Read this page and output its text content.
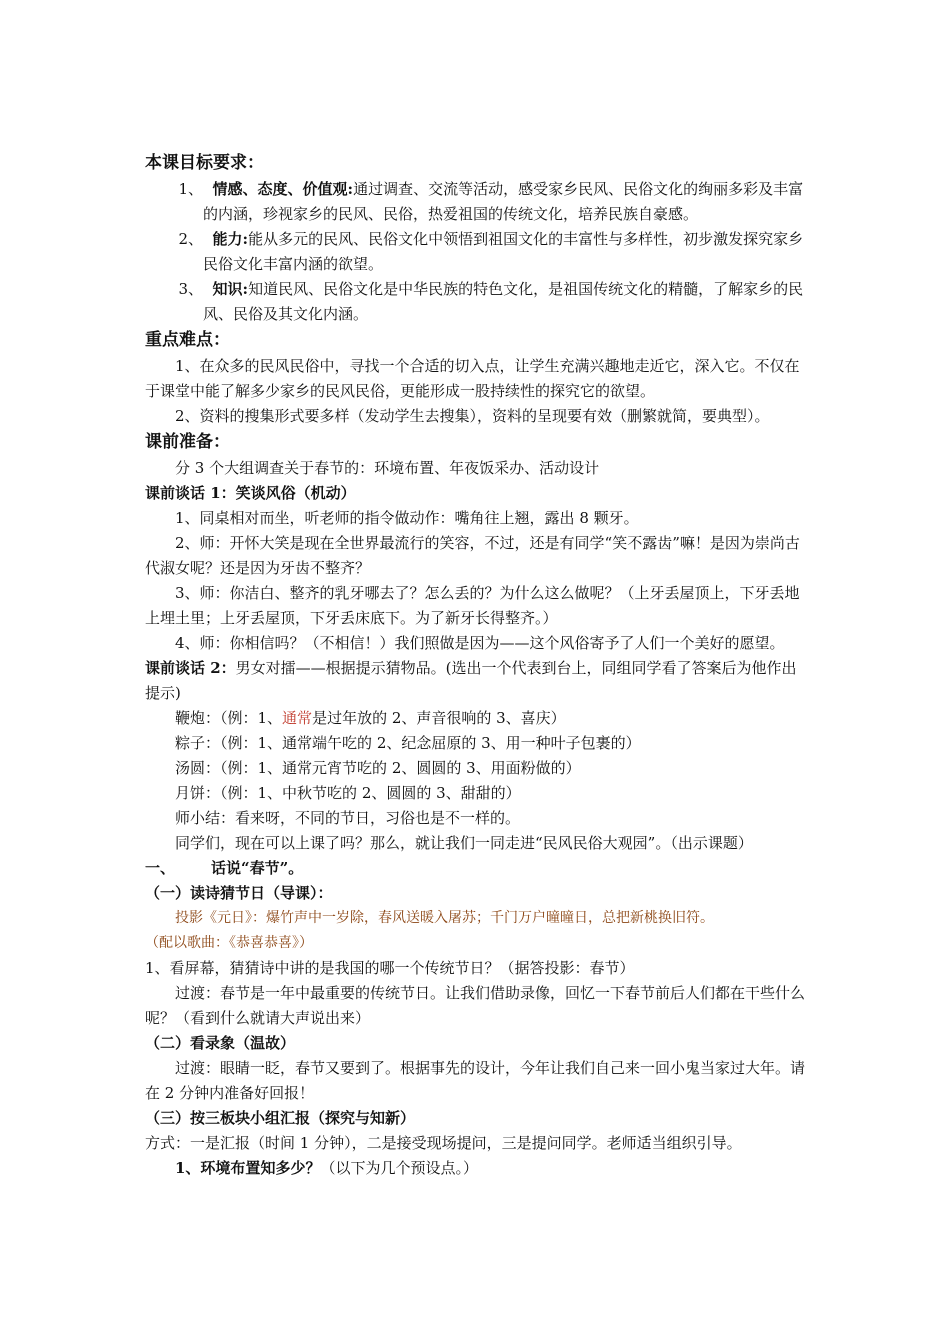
本课目标要求：
1、 情感、态度、价值观:通过调查、交流等活动，感受家乡民风、民俗文化的绚丽多彩及丰富的内涵，珍视家乡的民风、民俗，热爱祖国的传统文化，培养民族自豪感。
2、 能力:能从多元的民风、民俗文化中领悟到祖国文化的丰富性与多样性，初步激发探究家乡民俗文化丰富内涵的欲望。
3、 知识:知道民风、民俗文化是中华民族的特色文化，是祖国传统文化的精髓，了解家乡的民风、民俗及其文化内涵。
重点难点：

1、在众多的民风民俗中，寻找一个合适的切入点，让学生充满兴趣地走近它，深入它。不仅在于课堂中能了解多少家乡的民风民俗，更能形成一股持续性的探究它的欲望。

2、资料的搜集形式要多样（发动学生去搜集），资料的呈现要有效（删繁就简，要典型）。

课前准备：

分 3 个大组调查关于春节的：环境布置、年夜饭采办、活动设计

课前谈话 1：笑谈风俗（机动）

1、同桌相对而坐，听老师的指令做动作：嘴角往上翘，露出 8 颗牙。

2、师：开怀大笑是现在全世界最流行的笑容，不过，还是有同学“笑不露齿”嘛！是因为崇尚古代淑女呢？还是因为牙齿不整齐？

3、师：你洁白、整齐的乳牙哪去了？怎么丢的？为什么这么做呢？（上牙丢屋顶上，下牙丢地上埋土里；上牙丢屋顶，下牙丢床底下。为了新牙长得整齐。）

4、师：你相信吗？（不相信！）我们照做是因为——这个风俗寄予了人们一个美好的愿望。

课前谈话 2：男女对擂——根据提示猜物品。(选出一个代表到台上，同组同学看了答案后为他作出提示)

鞭炮：（例：1、通常是过年放的 2、声音很响的 3、喜庆）

粽子：（例：1、通常端午吃的 2、纪念屈原的 3、用一种叶子包裹的）

汤圆：（例：1、通常元宵节吃的 2、圆圆的 3、用面粉做的）

月饼：（例：1、中秋节吃的 2、圆圆的 3、甜甜的）

师小结：看来呀，不同的节日，习俗也是不一样的。

同学们，现在可以上课了吗？那么，就让我们一同走进“民风民俗大观园”。（出示课题）

一、	话说“春节”。

（一）读诗猜节日（导课）：

投影《元日》：爆竹声中一岁除，春风送暖入屠苏；千门万户曈曈日，总把新桃换旧符。

（配以歌曲：《恭喜恭喜》）

1、看屏幕，猜猜诗中讲的是我国的哪一个传统节日？（据答投影：春节）

过渡：春节是一年中最重要的传统节日。让我们借助录像，回忆一下春节前后人们都在干些什么呢？（看到什么就请大声说出来）

（二）看录象（温故）

过渡：眼睛一眨，春节又要到了。根据事先的设计，今年让我们自己来一回小鬼当家过大年。请在 2 分钟内准备好回报！

（三）按三板块小组汇报（探究与知新）

方式：一是汇报（时间 1 分钟），二是接受现场提问，三是提问同学。老师适当组织引导。

1、环境布置知多少？（以下为几个预设点。）
